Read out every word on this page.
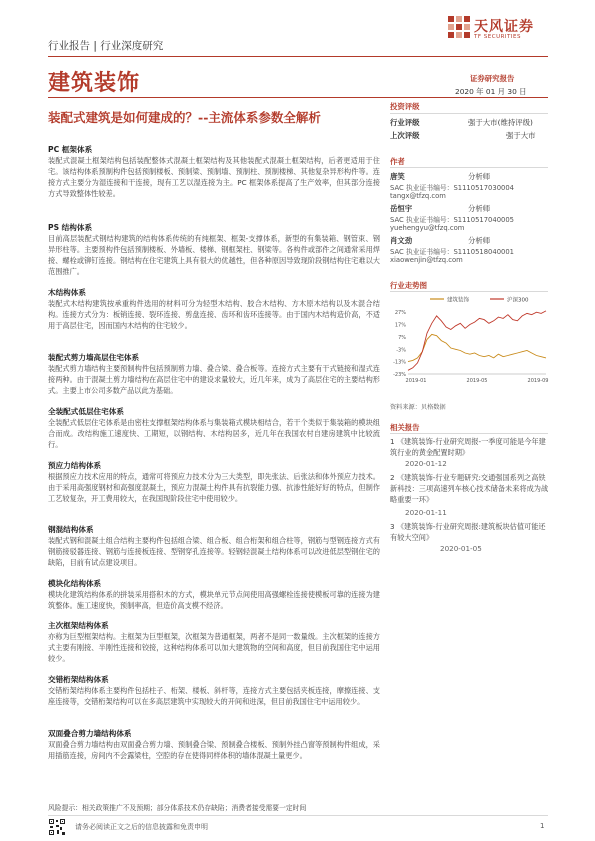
行业报告 | 行业深度研究
天风证券
TF SECURITIES
建筑装饰
装配式建筑是如何建成的？--主流体系参数全解析
证券研究报告
2020 年 01 月 30 日
投资评级
行业评级	强于大市(维持评级)
上次评级	强于大市
作者
唐笑	分析师
SAC 执业证书编号：S1110517030004
tangx@tfzq.com
岳恒宇	分析师
SAC 执业证书编号：S1110517040005
yuehengyu@tfzq.com
肖文劲	分析师
SAC 执业证书编号：S1110518040001
xiaowenjin@tfzq.com
行业走势图
建筑装饰	沪深300
27%
17%
7%
-3%
-13%
-23%
2019-01	2019-05	2019-09
资料来源：贝格数据
相关报告
1 《建筑装饰-行业研究周报-一季度可能是今年建筑行业的黄金配置时期》
2020-01-12
2 《建筑装饰-行业专题研究:交通强国系列之高铁新科技：三项高速列车核心技术储备未来将成为战略重要一环》
2020-01-11
3 《建筑装饰-行业研究周报:建筑板块估值可能还有较大空间》
2020-01-05
PC 框架体系
装配式混凝土框架结构包括装配整体式混凝土框架结构及其他装配式混凝土框架结构，后者更适用于住宅。该结构体系预制构件包括预制楼板、预制梁、预制墙、预制柱、预制楼梯、其他复杂异形构件等。连接方式主要分为湿连接和干连接，现有工艺以湿连接为主。PC 框架体系提高了生产效率，但其部分连接方式导致整体性较差。
PS 结构体系
目前高层装配式钢结构建筑的结构体系传统的有纯框架、框架-支撑体系，新型的有集装箱、钢管束、钢异形柱等。主要预构件包括预制楼板、外墙板、楼梯、钢框架柱、钢梁等。各构件或部件之间通常采用焊接、螺栓或铆钉连接。钢结构在住宅建筑上具有很大的优越性，但各种原因导致现阶段钢结构住宅难以大范围推广。
木结构体系
装配式木结构建筑按承重构件选用的材料可分为轻型木结构、胶合木结构、方木原木结构以及木混合结构。连接方式分为：板销连接、裂环连接、剪盘连接、齿环和齿环连接等。由于国内木结构造价高，不适用于高层住宅，因而国内木结构的住宅较少。
装配式剪力墙高层住宅体系
装配式剪力墙结构主要预制构件包括预制剪力墙、叠合梁、叠合板等。连接方式主要有干式链接和湿式连接两种。由于混凝土剪力墙结构在高层住宅中的建设求量较大，近几年来，成为了高层住宅的主要结构形式。主要上市公司多数产品以此为基础。
全装配式低层住宅体系
全装配式低层住宅体系是由密柱支撑框架结构体系与集装箱式模块相结合，若干个类似于集装箱的模块组合而成。改结构施工速度快、工期短，以钢结构、木结构居多，近几年在我国农村自建房建筑中比较流行。
预应力结构体系
根据预应力技术应用的特点，通常可将预应力技术分为三大类型，即先张法、后张法和体外预应力技术。由于采用高强度钢材和高强度混凝土，预应力混凝土构件具有抗裂能力强、抗渗性能好好的特点，但制作工艺较复杂，开工费用较大，在我国现阶段住宅中使用较少。
钢混结构体系
装配式钢和混凝土组合结构主要构件包括组合梁、组合板、组合桁架和组合柱等，钢筋与型钢连接方式有钢筋接驳器连接、钢筋与连接板连接、型钢穿孔连接等。轻钢轻混凝土结构体系可以改进低层型钢住宅的缺陷，目前有试点建设项目。
模块化结构体系
模块化建筑结构体系的拼装采用搭积木的方式，模块单元节点间使用高强螺栓连接使模板可靠的连接为建筑整体。施工速度快，预制率高，但造价高支模不经济。
主次框架结构体系
亦称为巨型框架结构。主框架为巨型框架，次框架为普通框架，两者不是同一数量级。主次框架的连接方式主要有刚接、半刚性连接和铰接，这种结构体系可以加大建筑物的空间和高度，但目前我国住宅中运用较少。
交错桁架结构体系
交错桁架结构体系主要构件包括柱子、桁架、楼板、斜杆等，连接方式主要包括夹板连接，摩擦连接、支座连接等，交错桁架结构可以在多高层建筑中实现较大的开间和进深，但目前我国住宅中运用较少。
双面叠合剪力墙结构体系
双面叠合剪力墙结构由双面叠合剪力墙、预制叠合梁、预制叠合楼板、预制外挂凸窗等预制构件组成，采用插筋连接，房间内不会露梁柱，空腔的存在使得同样体积的墙体混凝土量更少。
风险提示：相关政策推广不及预期；部分体系技术仍存缺陷；消费者接受需要一定时间
请务必阅读正文之后的信息披露和免责申明	1
